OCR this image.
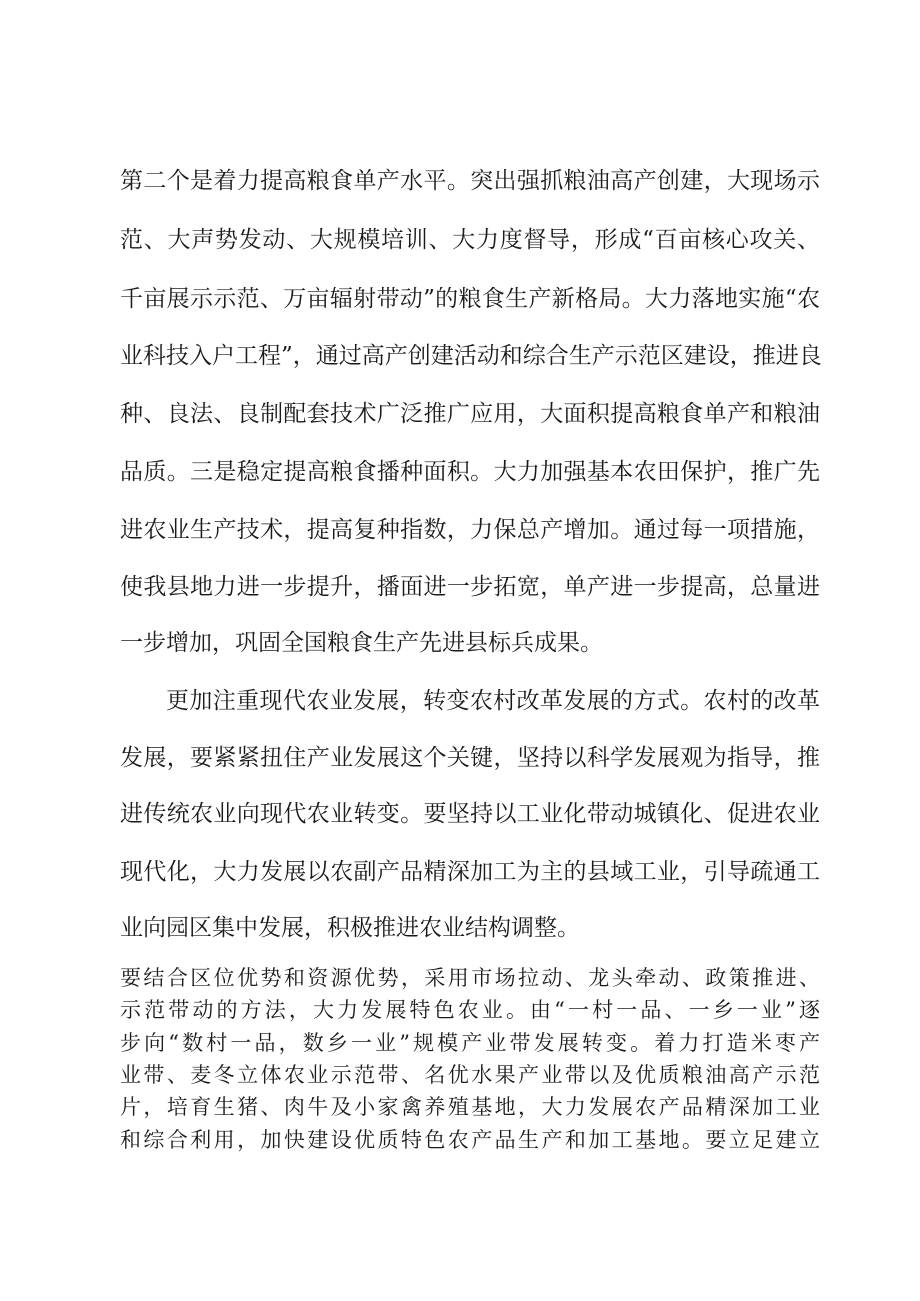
第二个是着力提高粮食单产水平。突出强抓粮油高产创建，大现场示

范、大声势发动、大规模培训、大力度督导，形成“百亩核心攻关、

千亩展示示范、万亩辐射带动”的粮食生产新格局。大力落地实施“农

业科技入户工程”，通过高产创建活动和综合生产示范区建设，推进良

种、良法、良制配套技术广泛推广应用，大面积提高粮食单产和粮油

品质。三是稳定提高粮食播种面积。大力加强基本农田保护，推广先

进农业生产技术，提高复种指数，力保总产增加。通过每一项措施，

使我县地力进一步提升，播面进一步拓宽，单产进一步提高，总量进

一步增加，巩固全国粮食生产先进县标兵成果。

更加注重现代农业发展，转变农村改革发展的方式。农村的改革

发展，要紧紧扭住产业发展这个关键，坚持以科学发展观为指导，推

进传统农业向现代农业转变。要坚持以工业化带动城镇化、促进农业

现代化，大力发展以农副产品精深加工为主的县域工业，引导疏通工

业向园区集中发展，积极推进农业结构调整。

要结合区位优势和资源优势，采用市场拉动、龙头牵动、政策推进、

示范带动的方法，大力发展特色农业。由“一村一品、一乡一业”逐

步向“数村一品，数乡一业”规模产业带发展转变。着力打造米枣产

业带、麦冬立体农业示范带、名优水果产业带以及优质粮油高产示范

片，培育生猪、肉牛及小家禽养殖基地，大力发展农产品精深加工业

和综合利用，加快建设优质特色农产品生产和加工基地。要立足建立
